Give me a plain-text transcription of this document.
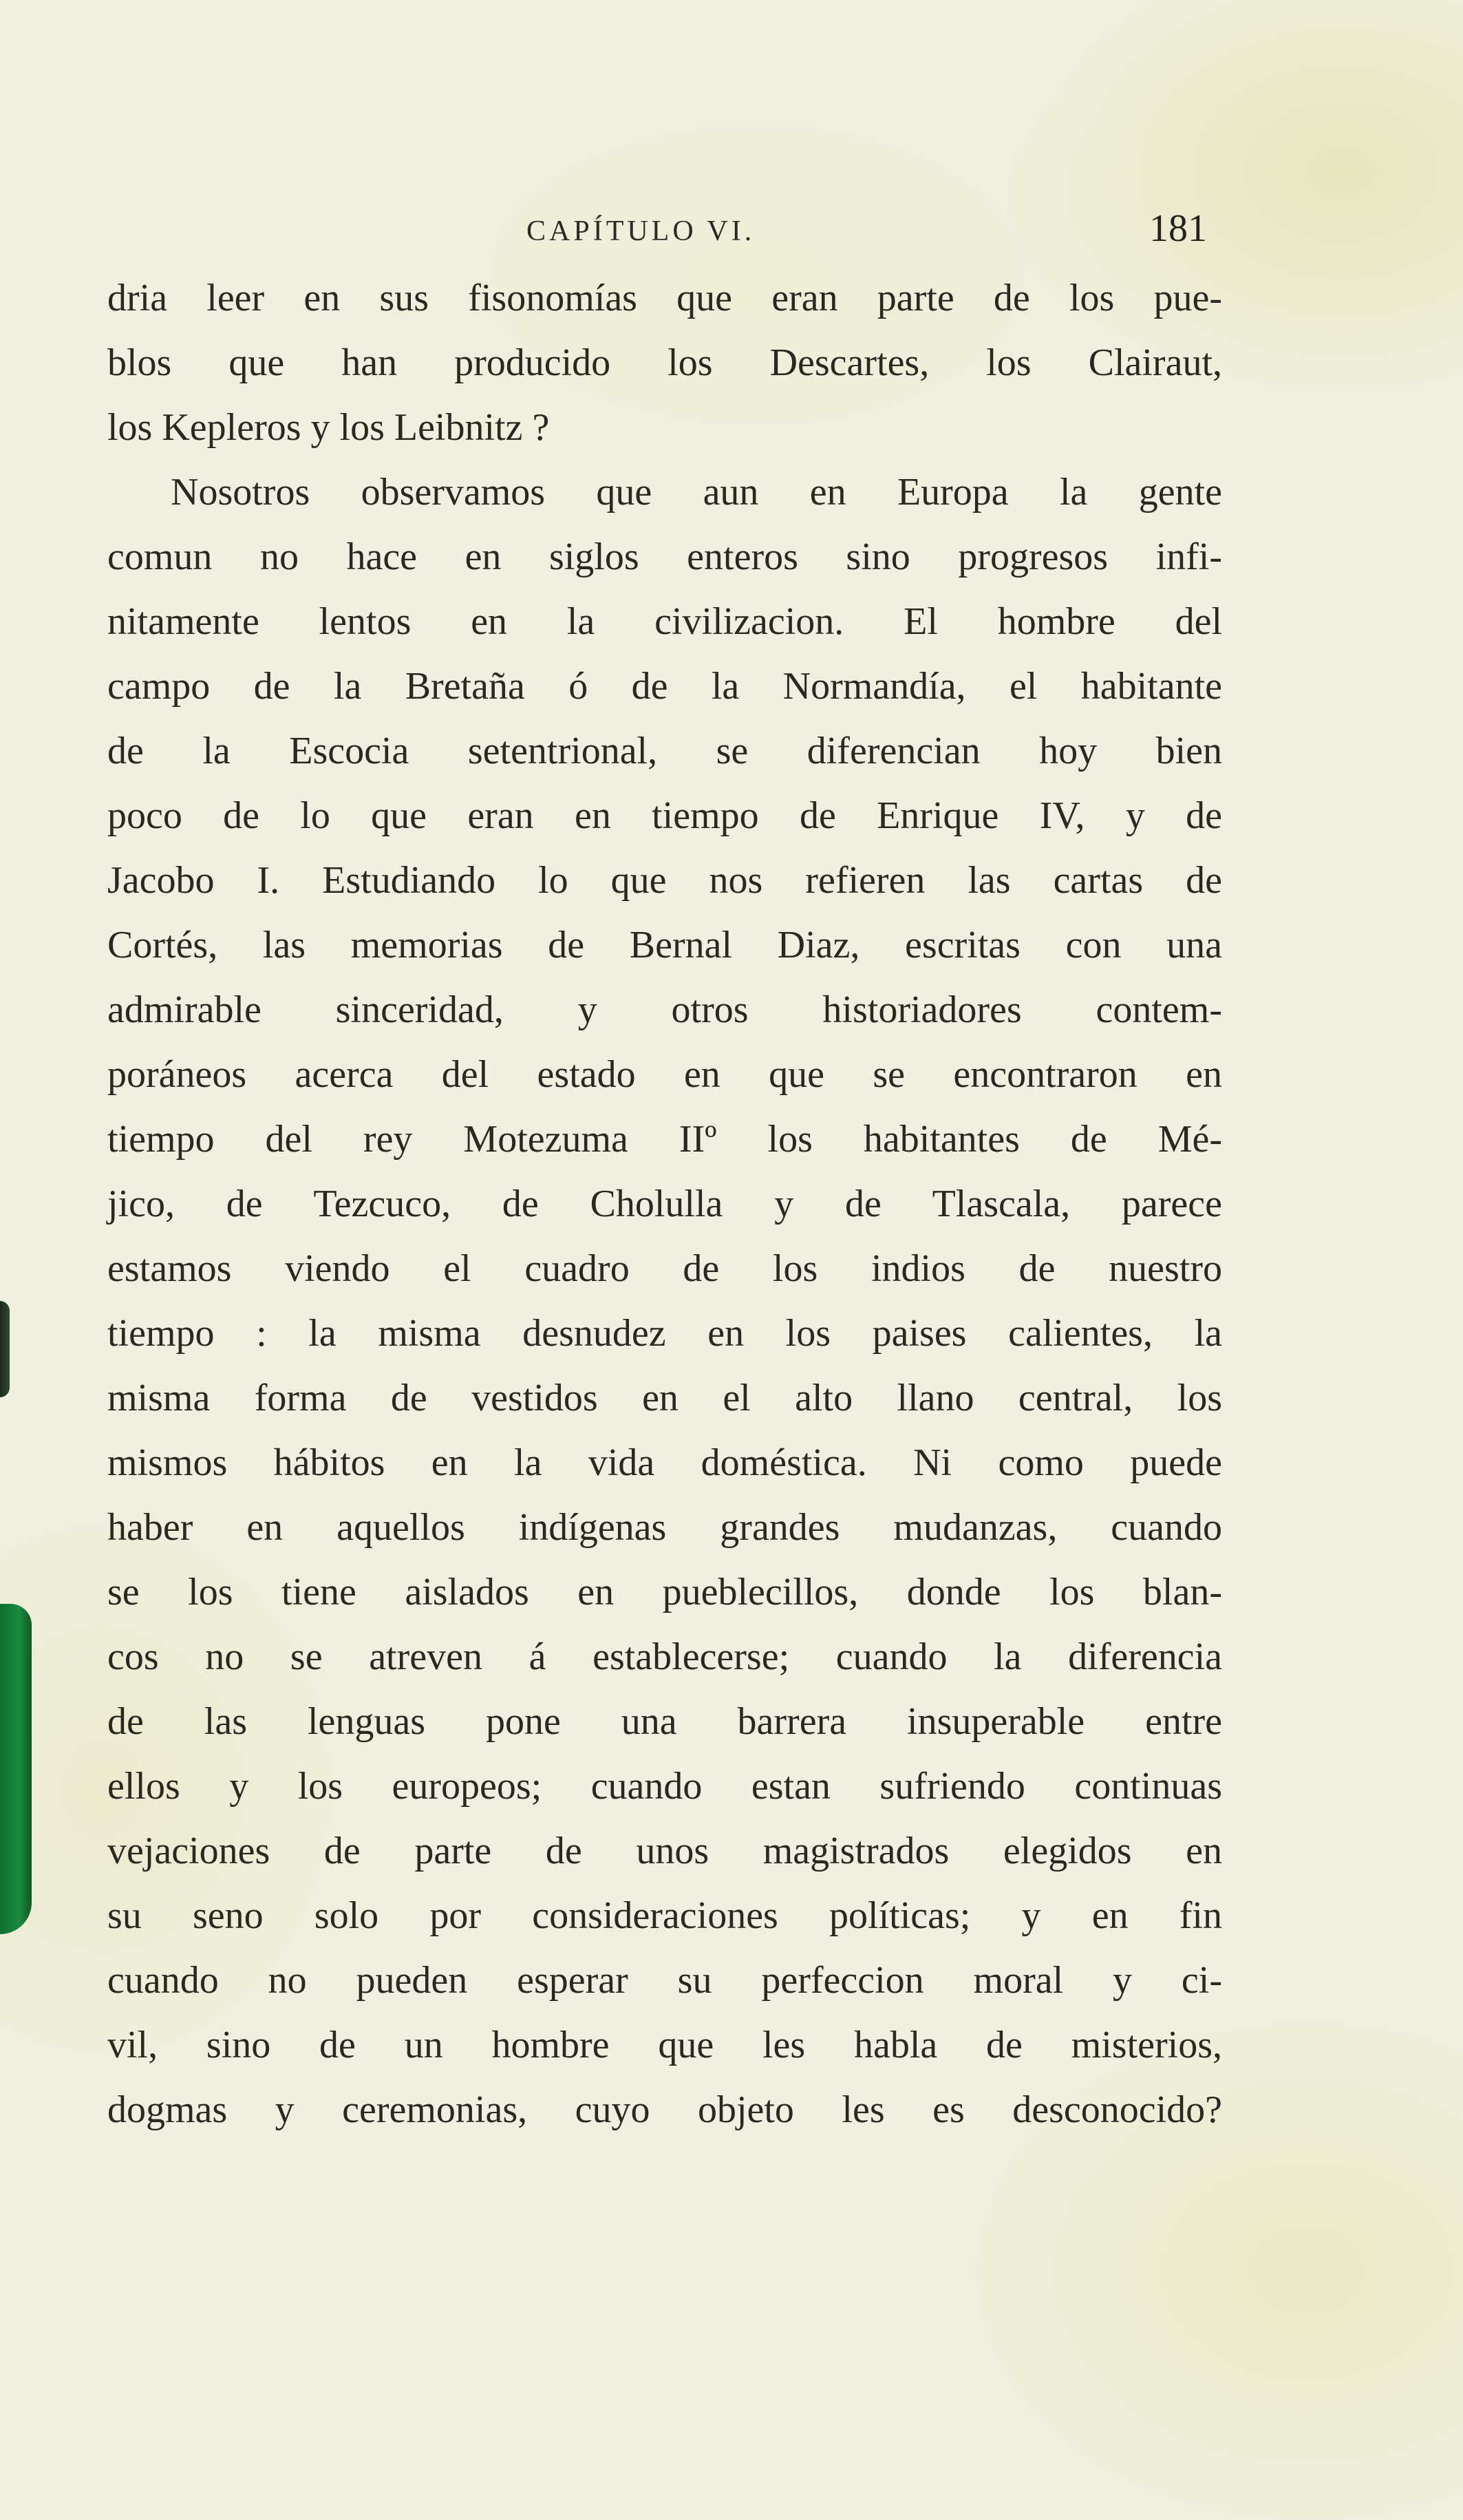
CAPÍTULO VI.	181
dria leer en sus fisonomías que eran parte de los pue-
blos que han producido los Descartes, los Clairaut,
los Kepleros y los Leibnitz ?
Nosotros observamos que aun en Europa la gente
comun no hace en siglos enteros sino progresos infi-
nitamente lentos en la civilizacion. El hombre del
campo de la Bretaña ó de la Normandía, el habitante
de la Escocia setentrional, se diferencian hoy bien
poco de lo que eran en tiempo de Enrique IV, y de
Jacobo I. Estudiando lo que nos refieren las cartas de
Cortés, las memorias de Bernal Diaz, escritas con una
admirable sinceridad, y otros historiadores contem-
poráneos acerca del estado en que se encontraron en
tiempo del rey Motezuma IIº los habitantes de Mé-
jico, de Tezcuco, de Cholulla y de Tlascala, parece
estamos viendo el cuadro de los indios de nuestro
tiempo : la misma desnudez en los paises calientes, la
misma forma de vestidos en el alto llano central, los
mismos hábitos en la vida doméstica. Ni como puede
haber en aquellos indígenas grandes mudanzas, cuando
se los tiene aislados en pueblecillos, donde los blan-
cos no se atreven á establecerse; cuando la diferencia
de las lenguas pone una barrera insuperable entre
ellos y los europeos; cuando estan sufriendo continuas
vejaciones de parte de unos magistrados elegidos en
su seno solo por consideraciones políticas; y en fin
cuando no pueden esperar su perfeccion moral y ci-
vil, sino de un hombre que les habla de misterios,
dogmas y ceremonias, cuyo objeto les es desconocido?
